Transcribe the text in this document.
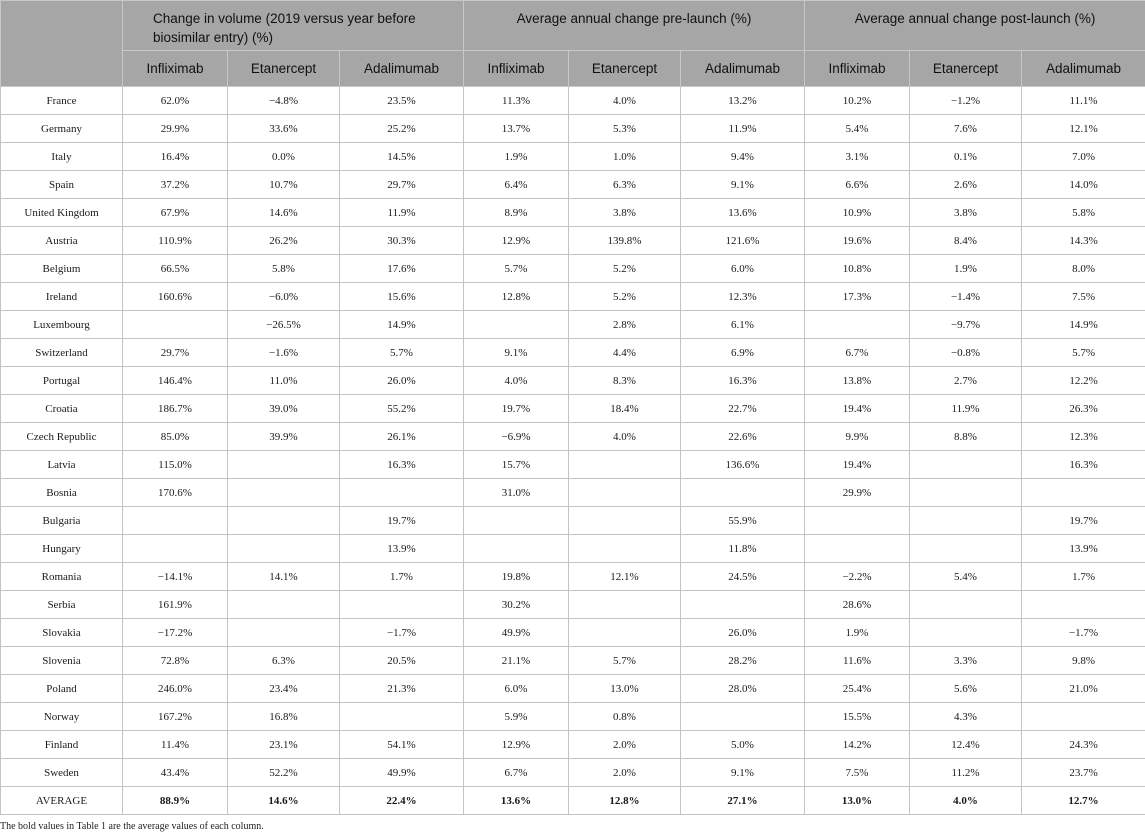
	Change in volume (2019 versus year before biosimilar entry) (%)			Average annual change pre-launch (%)			Average annual change post-launch (%)		
	Infliximab	Etanercept	Adalimumab	Infliximab	Etanercept	Adalimumab	Infliximab	Etanercept	Adalimumab
France	62.0%	−4.8%	23.5%	11.3%	4.0%	13.2%	10.2%	−1.2%	11.1%
Germany	29.9%	33.6%	25.2%	13.7%	5.3%	11.9%	5.4%	7.6%	12.1%
Italy	16.4%	0.0%	14.5%	1.9%	1.0%	9.4%	3.1%	0.1%	7.0%
Spain	37.2%	10.7%	29.7%	6.4%	6.3%	9.1%	6.6%	2.6%	14.0%
United Kingdom	67.9%	14.6%	11.9%	8.9%	3.8%	13.6%	10.9%	3.8%	5.8%
Austria	110.9%	26.2%	30.3%	12.9%	139.8%	121.6%	19.6%	8.4%	14.3%
Belgium	66.5%	5.8%	17.6%	5.7%	5.2%	6.0%	10.8%	1.9%	8.0%
Ireland	160.6%	−6.0%	15.6%	12.8%	5.2%	12.3%	17.3%	−1.4%	7.5%
Luxembourg		−26.5%	14.9%		2.8%	6.1%		−9.7%	14.9%
Switzerland	29.7%	−1.6%	5.7%	9.1%	4.4%	6.9%	6.7%	−0.8%	5.7%
Portugal	146.4%	11.0%	26.0%	4.0%	8.3%	16.3%	13.8%	2.7%	12.2%
Croatia	186.7%	39.0%	55.2%	19.7%	18.4%	22.7%	19.4%	11.9%	26.3%
Czech Republic	85.0%	39.9%	26.1%	−6.9%	4.0%	22.6%	9.9%	8.8%	12.3%
Latvia	115.0%		16.3%	15.7%		136.6%	19.4%		16.3%
Bosnia	170.6%			31.0%			29.9%		
Bulgaria			19.7%			55.9%			19.7%
Hungary			13.9%			11.8%			13.9%
Romania	−14.1%	14.1%	1.7%	19.8%	12.1%	24.5%	−2.2%	5.4%	1.7%
Serbia	161.9%			30.2%			28.6%		
Slovakia	−17.2%		−1.7%	49.9%		26.0%	1.9%		−1.7%
Slovenia	72.8%	6.3%	20.5%	21.1%	5.7%	28.2%	11.6%	3.3%	9.8%
Poland	246.0%	23.4%	21.3%	6.0%	13.0%	28.0%	25.4%	5.6%	21.0%
Norway	167.2%	16.8%		5.9%	0.8%		15.5%	4.3%	
Finland	11.4%	23.1%	54.1%	12.9%	2.0%	5.0%	14.2%	12.4%	24.3%
Sweden	43.4%	52.2%	49.9%	6.7%	2.0%	9.1%	7.5%	11.2%	23.7%
AVERAGE	88.9%	14.6%	22.4%	13.6%	12.8%	27.1%	13.0%	4.0%	12.7%
The bold values in Table 1 are the average values of each column.
